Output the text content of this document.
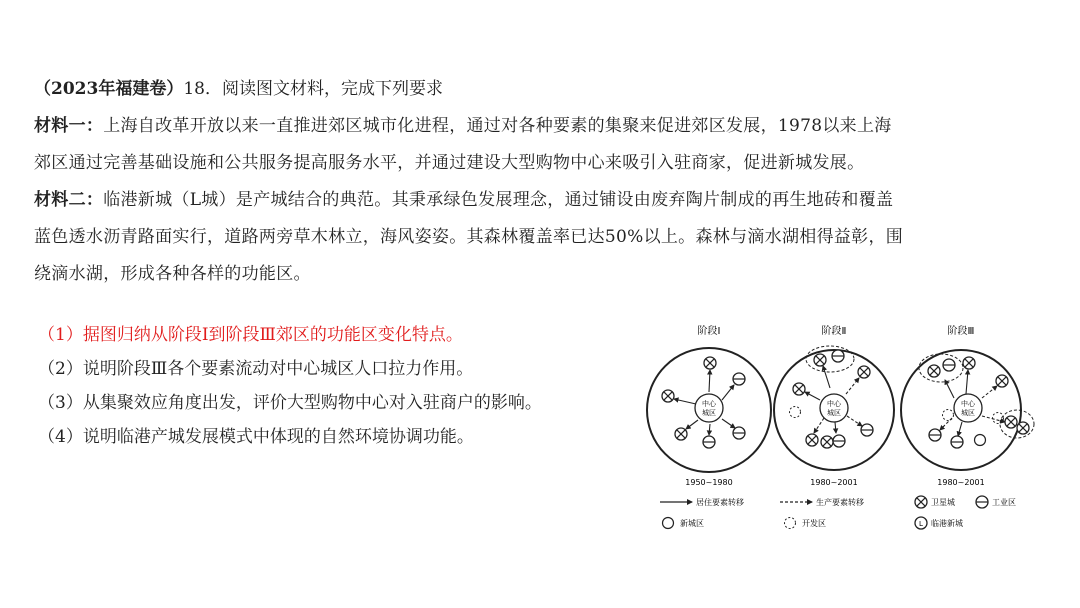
（2023年福建卷）18．阅读图文材料，完成下列要求

材料一：上海自改革开放以来一直推进郊区城市化进程，通过对各种要素的集聚来促进郊区发展，1978以来上海
郊区通过完善基础设施和公共服务提高服务水平，并通过建设大型购物中心来吸引入驻商家，促进新城发展。

材料二：临港新城（L城）是产城结合的典范。其秉承绿色发展理念，通过铺设由废弃陶片制成的再生地砖和覆盖
蓝色透水沥青路面实行，道路两旁草木林立，海风姿姿。其森林覆盖率已达50%以上。森林与滴水湖相得益彰，围
绕滴水湖，形成各种各样的功能区。

（1）据图归纳从阶段Ⅰ到阶段Ⅲ郊区的功能区变化特点。

（2）说明阶段Ⅲ各个要素流动对中心城区人口拉力作用。

（3）从集聚效应角度出发，评价大型购物中心对入驻商户的影响。

（4）说明临港产城发展模式中体现的自然环境协调功能。

阶段Ⅰ	阶段Ⅱ	阶段Ⅲ
中心
城区
1950~1980
中心
城区
1980~2001
中心
城区
1980~2001
居住要素转移	生产要素转移	卫星城	工业区
新城区	开发区	L 临港新城
